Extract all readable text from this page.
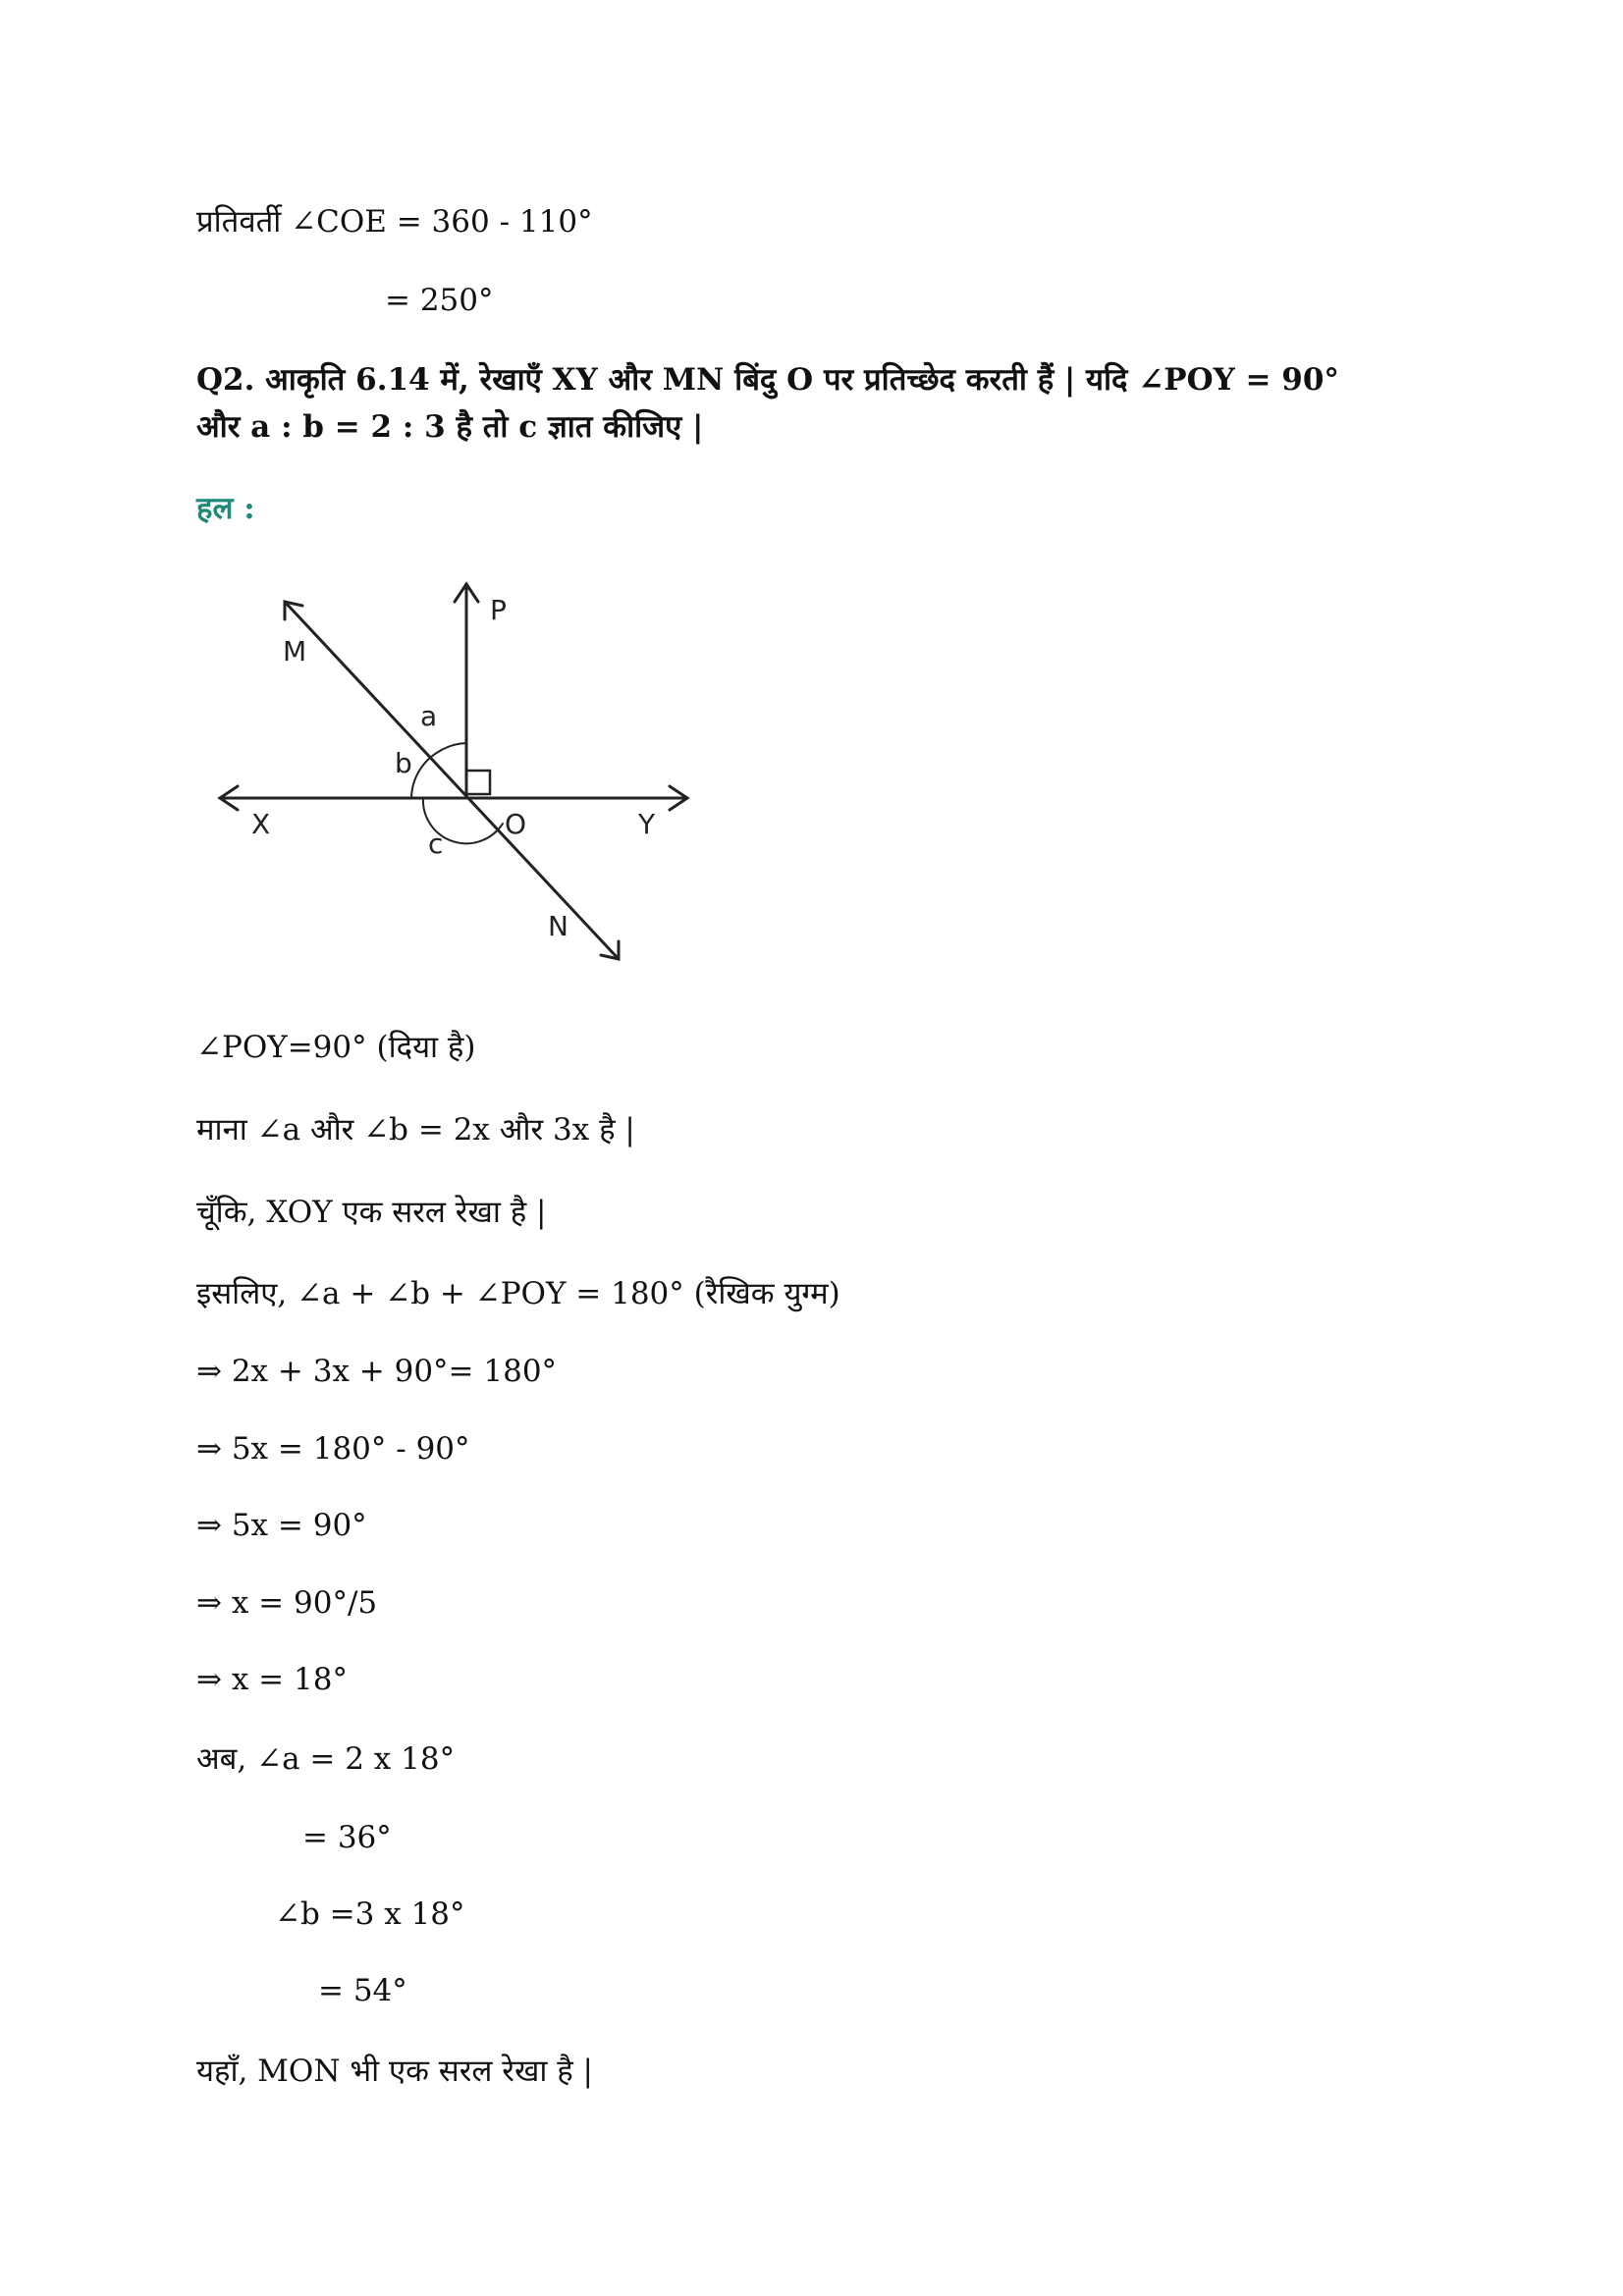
प्रतिवर्ती ∠COE = 360 - 110°
= 250°
Q2. आकृति 6.14 में, रेखाएँ XY और MN बिंदु O पर प्रतिच्छेद करती हैं | यदि ∠POY = 90°
और a : b = 2 : 3 है तो c ज्ञात कीजिए |
हल :
P
M
a
b
X	O	Y
c
N
∠POY=90° (दिया है)
माना ∠a और ∠b = 2x और 3x है |
चूँकि, XOY एक सरल रेखा है |
इसलिए, ∠a + ∠b + ∠POY = 180° (रैखिक युग्म)
⇒ 2x + 3x + 90°= 180°
⇒ 5x = 180° - 90°
⇒ 5x = 90°
⇒ x = 90°/5
⇒ x = 18°
अब, ∠a = 2 x 18°
= 36°
∠b =3 x 18°
= 54°
यहाँ, MON भी एक सरल रेखा है |
